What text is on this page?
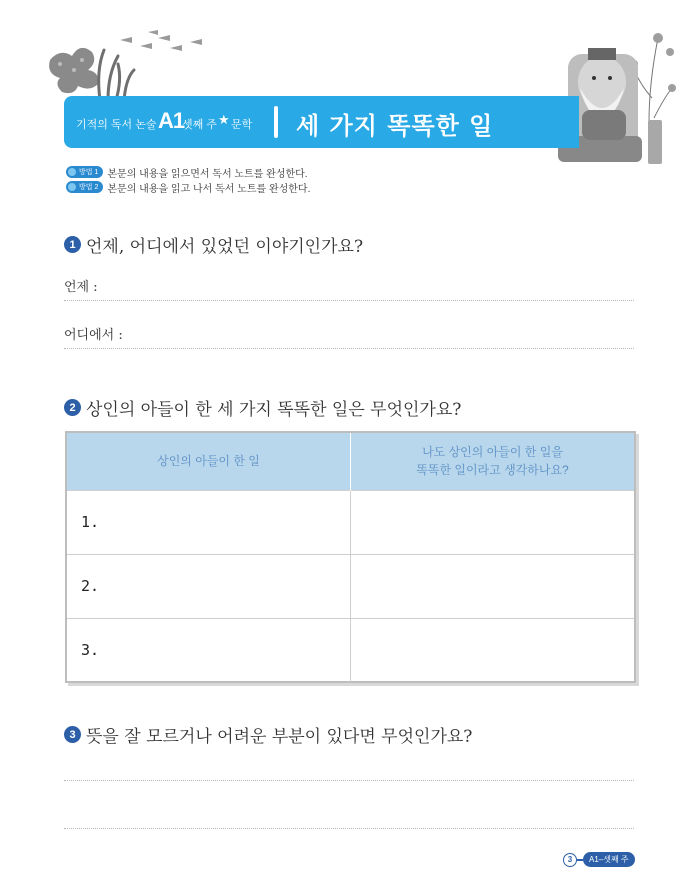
기적의 독서 논술 A1
셋째 주 ★ 문학 세 가지 똑똑한 일
방법 1 본문의 내용을 읽으면서 독서 노트를 완성한다.
방법 2 본문의 내용을 읽고 나서 독서 노트를 완성한다.
1 언제, 어디에서 있었던 이야기인가요?
언제 :
어디에서 :
2 상인의 아들이 한 세 가지 똑똑한 일은 무엇인가요?
상인의 아들이 한 일	나도 상인의 아들이 한 일을
똑똑한 일이라고 생각하나요?
1.	
2.	
3.	
3 뜻을 잘 모르거나 어려운 부분이 있다면 무엇인가요?
3	A1–셋째 주
